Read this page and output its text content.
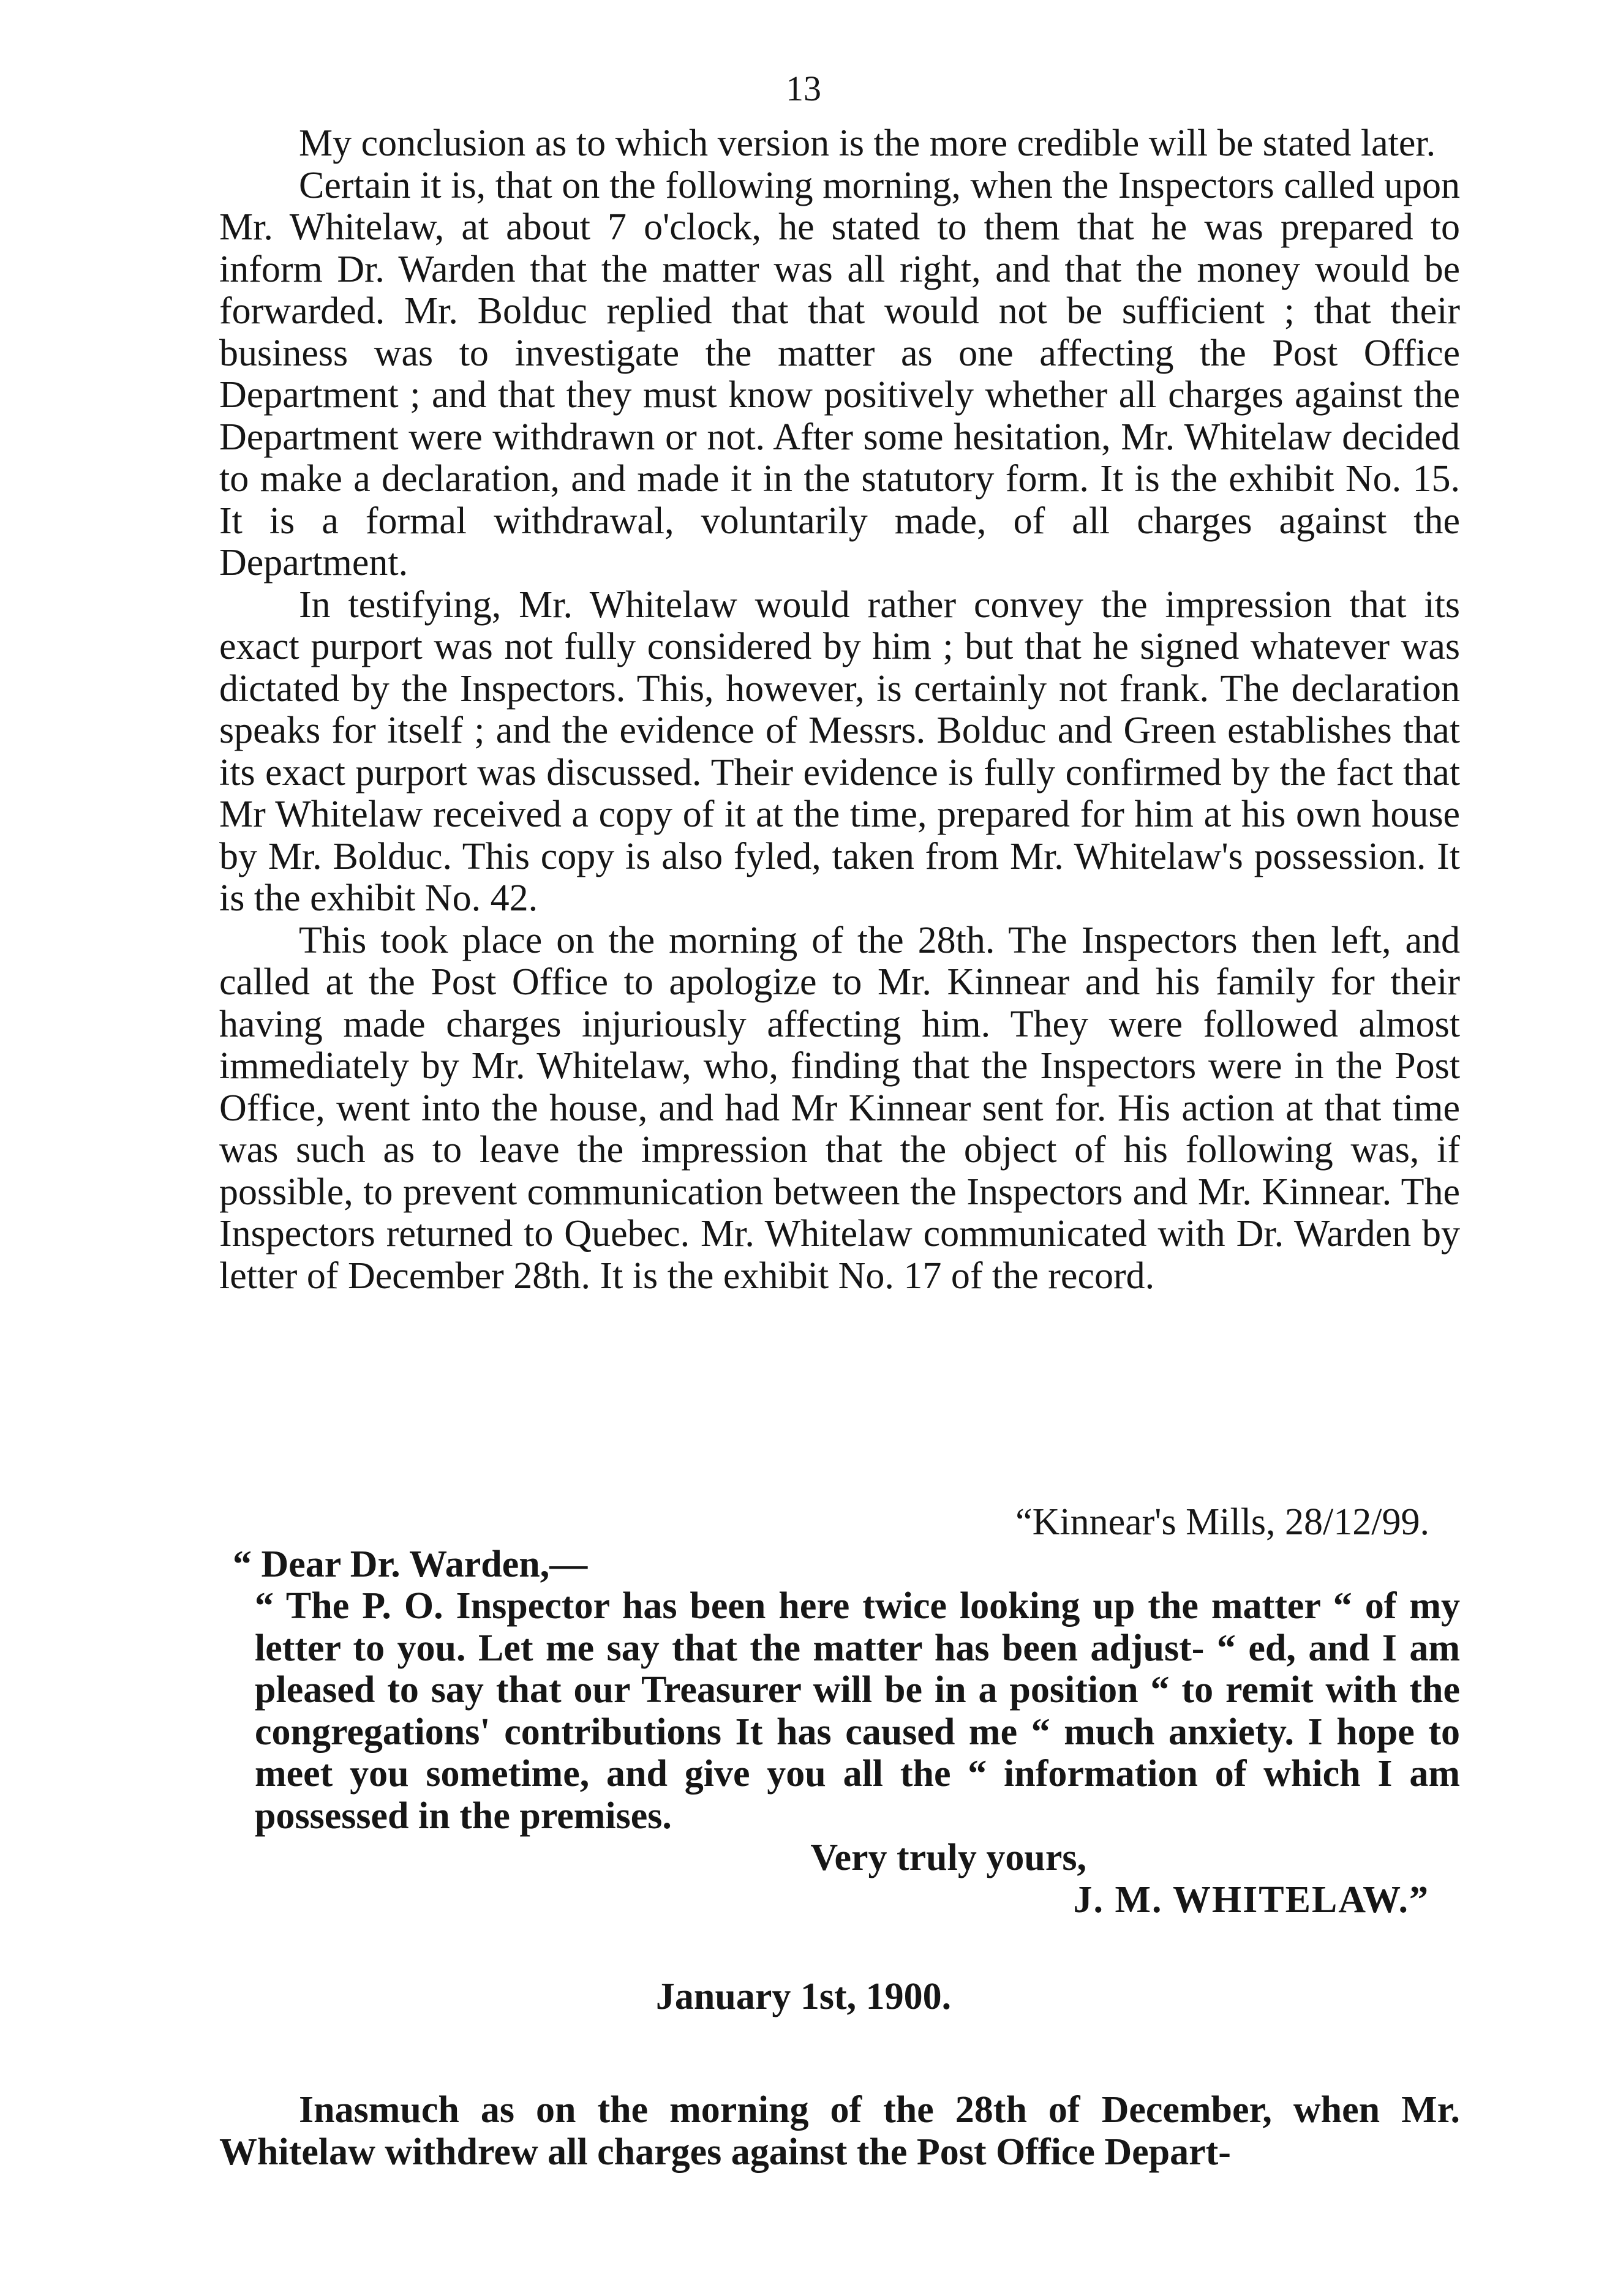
13

My conclusion as to which version is the more credible will be stated later.

Certain it is, that on the following morning, when the Inspectors called upon Mr. Whitelaw, at about 7 o'clock, he stated to them that he was prepared to inform Dr. Warden that the matter was all right, and that the money would be forwarded. Mr. Bolduc replied that that would not be sufficient ; that their business was to investigate the matter as one affecting the Post Office Department ; and that they must know positively whether all charges against the Department were withdrawn or not. After some hesitation, Mr. Whitelaw decided to make a declaration, and made it in the statutory form. It is the exhibit No. 15. It is a formal withdrawal, voluntarily made, of all charges against the Department.

In testifying, Mr. Whitelaw would rather convey the impression that its exact purport was not fully considered by him ; but that he signed whatever was dictated by the Inspectors. This, however, is certainly not frank. The declaration speaks for itself ; and the evidence of Messrs. Bolduc and Green establishes that its exact purport was discussed. Their evidence is fully confirmed by the fact that Mr Whitelaw received a copy of it at the time, prepared for him at his own house by Mr. Bolduc. This copy is also fyled, taken from Mr. Whitelaw's possession. It is the exhibit No. 42.

This took place on the morning of the 28th. The Inspectors then left, and called at the Post Office to apologize to Mr. Kinnear and his family for their having made charges injuriously affecting him. They were followed almost immediately by Mr. Whitelaw, who, finding that the Inspectors were in the Post Office, went into the house, and had Mr Kinnear sent for. His action at that time was such as to leave the impression that the object of his following was, if possible, to prevent communication between the Inspectors and Mr. Kinnear. The Inspectors returned to Quebec. Mr. Whitelaw communicated with Dr. Warden by letter of December 28th. It is the exhibit No. 17 of the record.

“Kinnear's Mills, 28/12/99.

“ Dear Dr. Warden,—

“ The P. O. Inspector has been here twice looking up the matter “ of my letter to you. Let me say that the matter has been adjust- “ ed, and I am pleased to say that our Treasurer will be in a position “ to remit with the congregations' contributions It has caused me “ much anxiety. I hope to meet you sometime, and give you all the “ information of which I am possessed in the premises.

Very truly yours,

J. M. WHITELAW.”

January 1st, 1900.

Inasmuch as on the morning of the 28th of December, when Mr. Whitelaw withdrew all charges against the Post Office Depart-
